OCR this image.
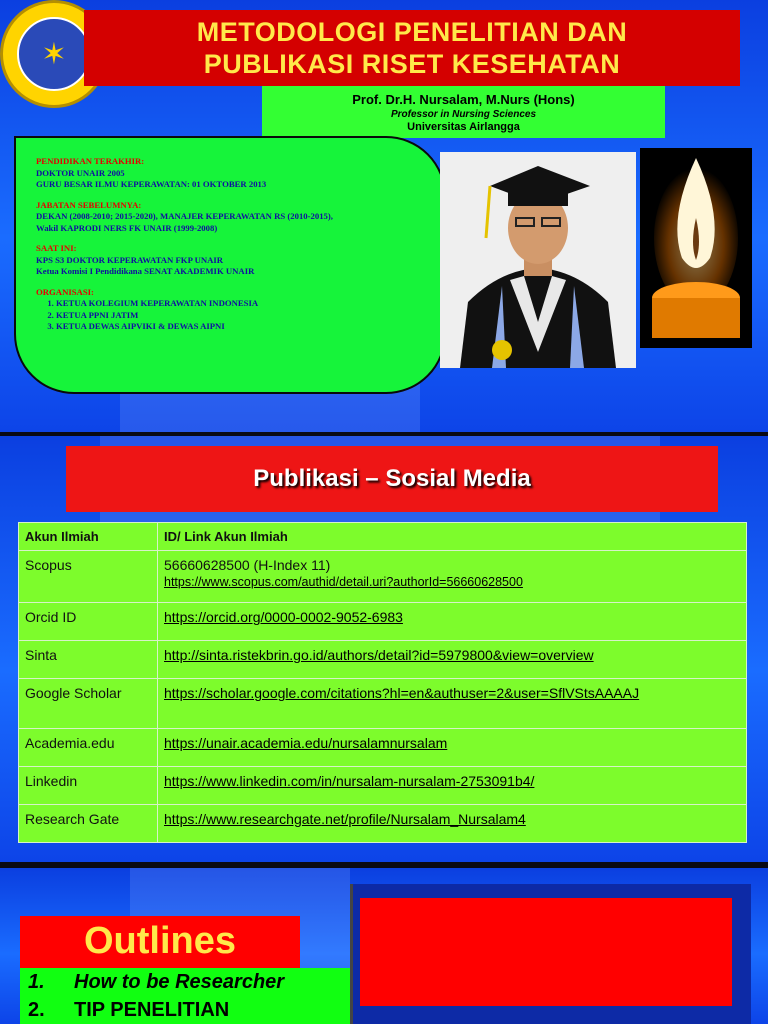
✶
METODOLOGI PENELITIAN DAN
PUBLIKASI RISET KESEHATAN
Prof. Dr.H. Nursalam, M.Nurs (Hons)
Professor in Nursing Sciences
Universitas Airlangga
PENDIDIKAN TERAKHIR:
DOKTOR UNAIR 2005
GURU BESAR ILMU KEPERAWATAN: 01 OKTOBER 2013
JABATAN SEBELUMNYA:
DEKAN (2008-2010; 2015-2020), MANAJER KEPERAWATAN RS (2010-2015),
Wakil KAPRODI NERS FK UNAIR (1999-2008)
SAAT INI:
KPS S3 DOKTOR KEPERAWATAN FKP UNAIR
Ketua Komisi I Pendidikana SENAT AKADEMIK UNAIR
ORGANISASI:
1. KETUA KOLEGIUM KEPERAWATAN INDONESIA
2. KETUA PPNI JATIM
3. KETUA DEWAS AIPVIKI & DEWAS AIPNI
Publikasi – Sosial Media
Akun Ilmiah	ID/ Link Akun Ilmiah
Scopus	56660628500 (H-Index 11)
https://www.scopus.com/authid/detail.uri?authorId=56660628500

Orcid ID	https://orcid.org/0000-0002-9052-6983
Sinta	http://sinta.ristekbrin.go.id/authors/detail?id=5979800&view=overview
Google Scholar	https://scholar.google.com/citations?hl=en&authuser=2&user=SflVStsAAAAJ
Academia.edu	https://unair.academia.edu/nursalamnursalam
Linkedin	https://www.linkedin.com/in/nursalam-nursalam-2753091b4/
Research Gate	https://www.researchgate.net/profile/Nursalam_Nursalam4
Outlines
1.	How to be Researcher
2.	TIP PENELITIAN
